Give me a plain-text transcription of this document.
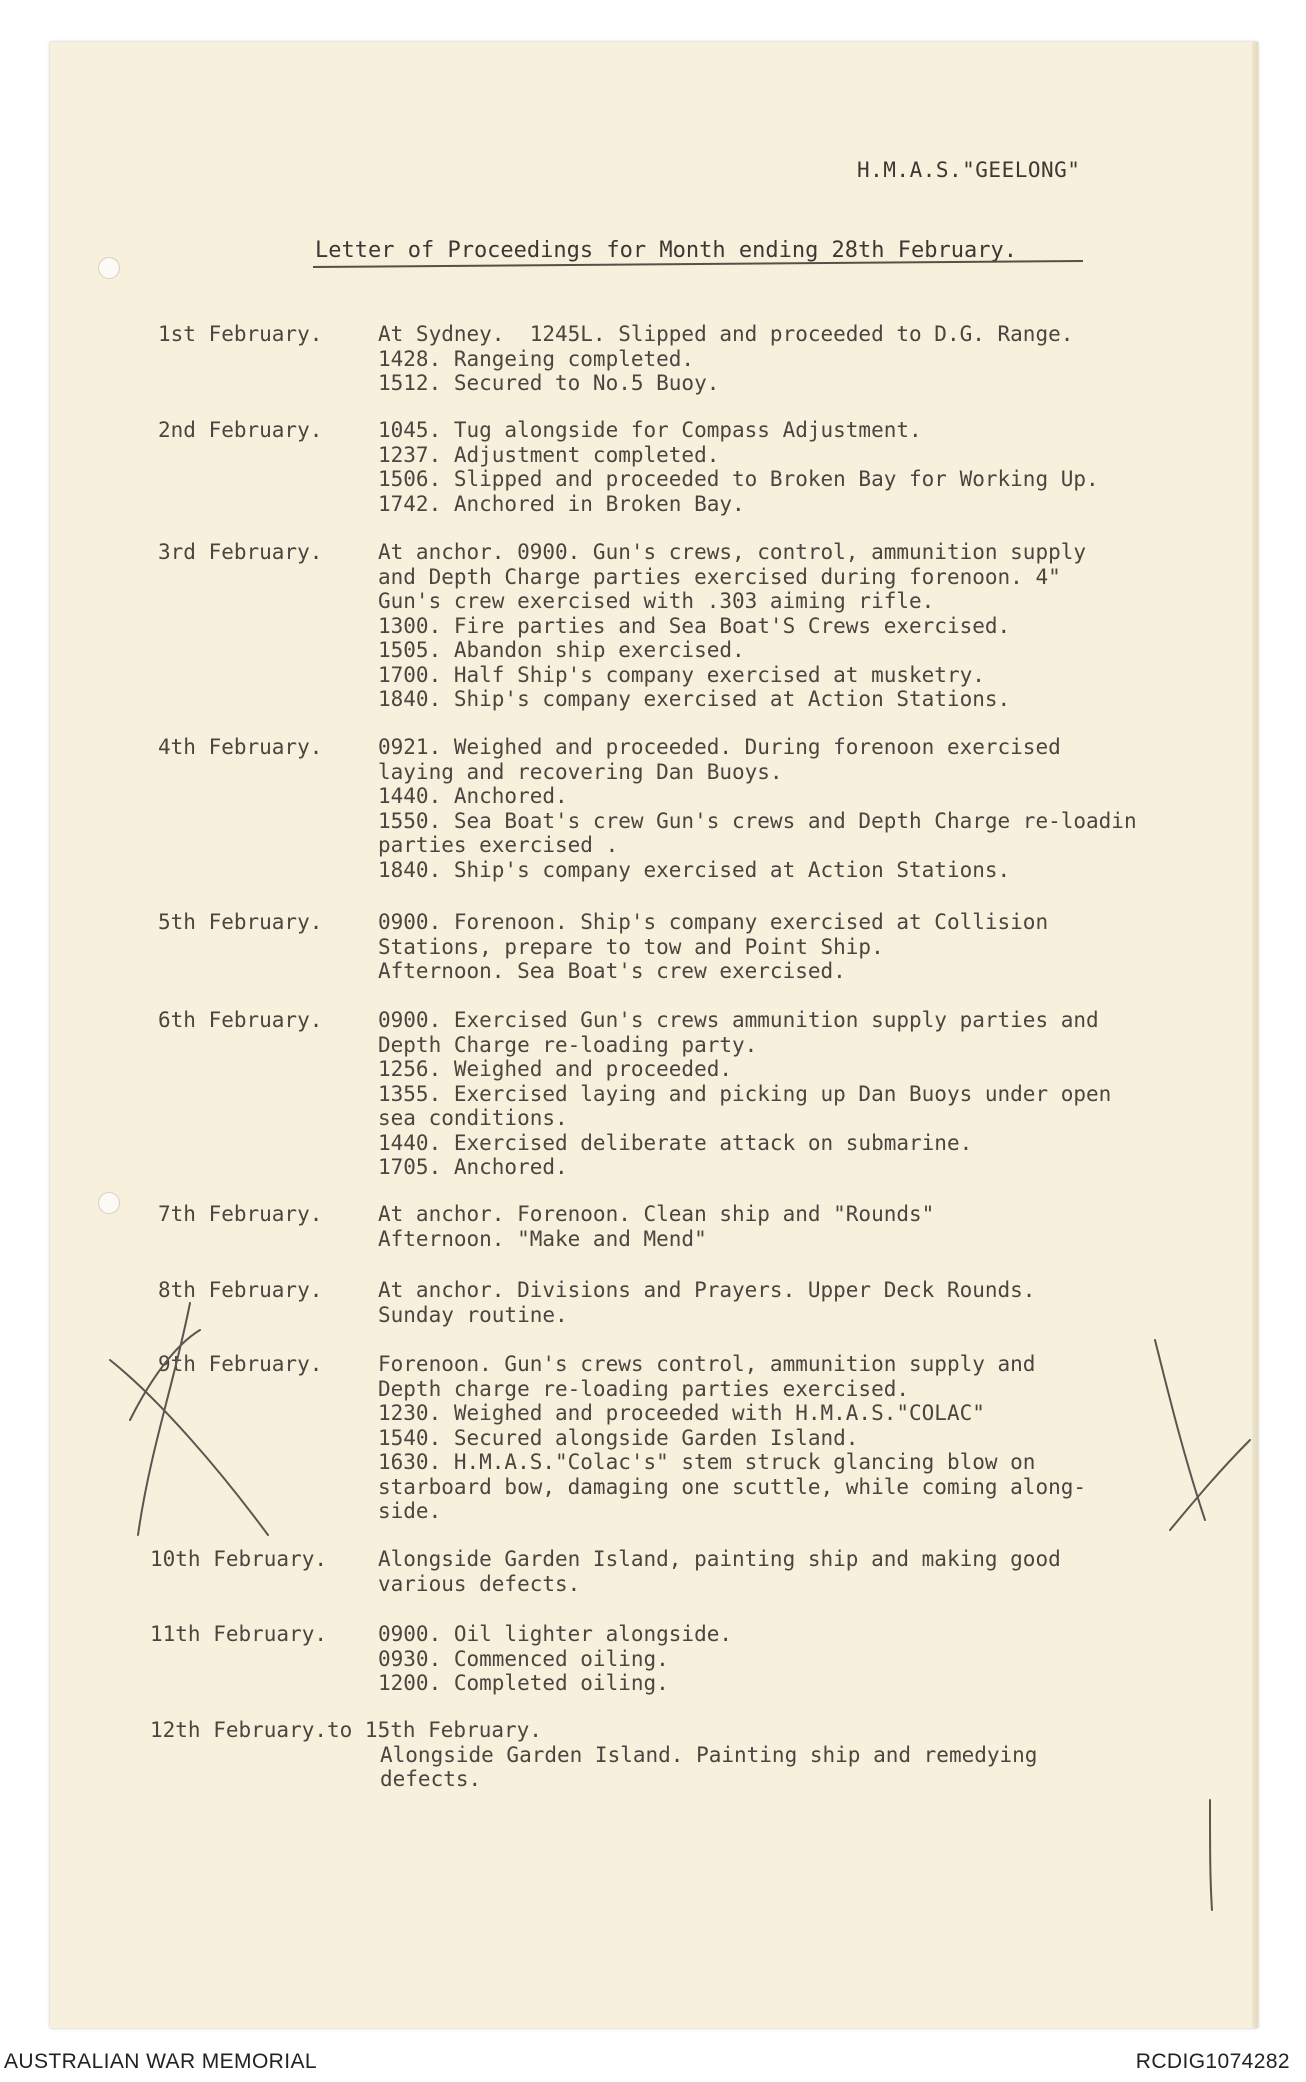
H.M.A.S."GEELONG"
Letter of Proceedings for Month ending 28th February.
1st February.	At Sydney.  1245L. Slipped and proceeded to D.G. Range.
1428. Rangeing completed.
1512. Secured to No.5 Buoy.
2nd February.	1045. Tug alongside for Compass Adjustment.
1237. Adjustment completed.
1506. Slipped and proceeded to Broken Bay for Working Up.
1742. Anchored in Broken Bay.
3rd February.	At anchor. 0900. Gun's crews, control, ammunition supply
and Depth Charge parties exercised during forenoon. 4"
Gun's crew exercised with .303 aiming rifle.
1300. Fire parties and Sea Boat'S Crews exercised.
1505. Abandon ship exercised.
1700. Half Ship's company exercised at musketry.
1840. Ship's company exercised at Action Stations.
4th February.	0921. Weighed and proceeded. During forenoon exercised
laying and recovering Dan Buoys.
1440. Anchored.
1550. Sea Boat's crew Gun's crews and Depth Charge re-loadin
parties exercised .
1840. Ship's company exercised at Action Stations.
5th February.	0900. Forenoon. Ship's company exercised at Collision
Stations, prepare to tow and Point Ship.
Afternoon. Sea Boat's crew exercised.
6th February.	0900. Exercised Gun's crews ammunition supply parties and
Depth Charge re-loading party.
1256. Weighed and proceeded.
1355. Exercised laying and picking up Dan Buoys under open
sea conditions.
1440. Exercised deliberate attack on submarine.
1705. Anchored.
7th February.	At anchor. Forenoon. Clean ship and "Rounds"
Afternoon. "Make and Mend"
8th February.	At anchor. Divisions and Prayers. Upper Deck Rounds.
Sunday routine.
9th February.	Forenoon. Gun's crews control, ammunition supply and
Depth charge re-loading parties exercised.
1230. Weighed and proceeded with H.M.A.S."COLAC"
1540. Secured alongside Garden Island.
1630. H.M.A.S."Colac's" stem struck glancing blow on
starboard bow, damaging one scuttle, while coming along-
side.
10th February. Alongside Garden Island, painting ship and making good
various defects.
11th February. 0900. Oil lighter alongside.
0930. Commenced oiling.
1200. Completed oiling.
12th February.to 15th February.
Alongside Garden Island. Painting ship and remedying
defects.
AUSTRALIAN WAR MEMORIAL	RCDIG1074282
